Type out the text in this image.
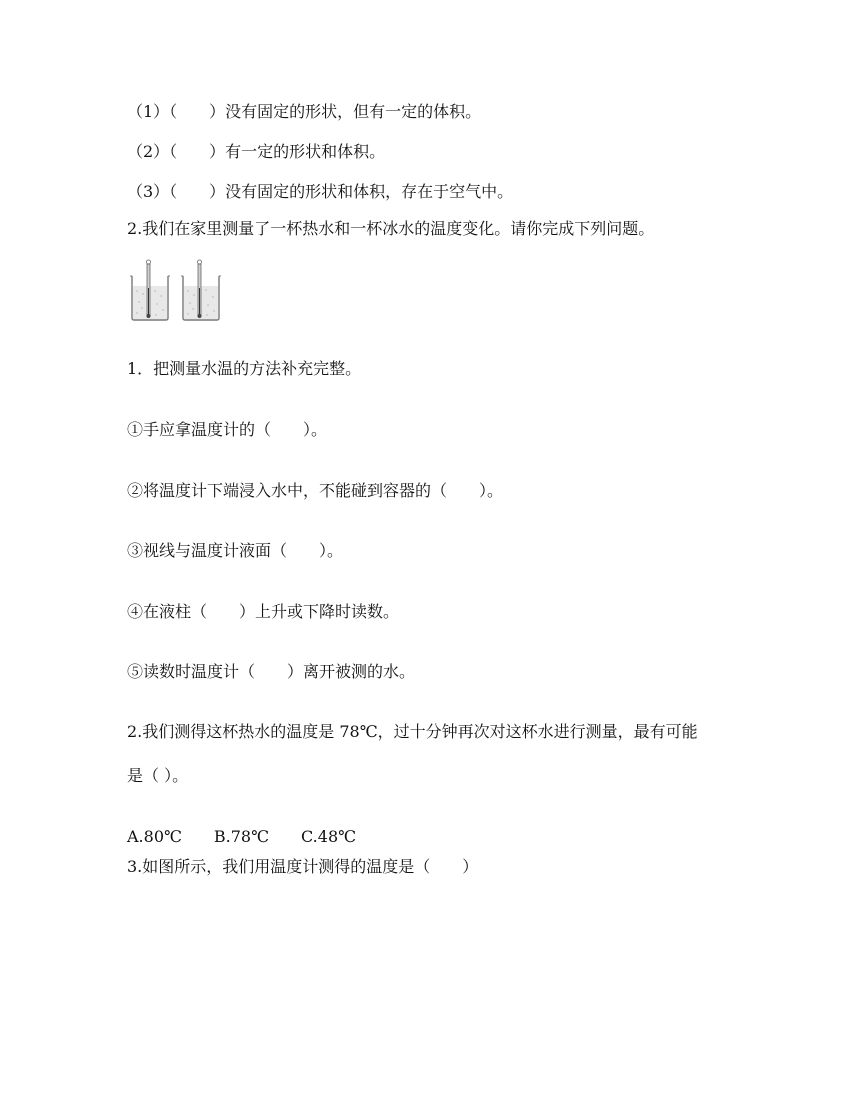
（1）（　　）没有固定的形状，但有一定的体积。
（2）（　　）有一定的形状和体积。
（3）（　　）没有固定的形状和体积，存在于空气中。
2.我们在家里测量了一杯热水和一杯冰水的温度变化。请你完成下列问题。
1．把测量水温的方法补充完整。
①手应拿温度计的（　　）。
②将温度计下端浸入水中，不能碰到容器的（　　）。
③视线与温度计液面（　　）。
④在液柱（　　）上升或下降时读数。
⑤读数时温度计（　　）离开被测的水。
2.我们测得这杯热水的温度是 78℃，过十分钟再次对这杯水进行测量，最有可能
是（ ）。
A.80℃　　B.78℃　　C.48℃
3.如图所示，我们用温度计测得的温度是（　　）
